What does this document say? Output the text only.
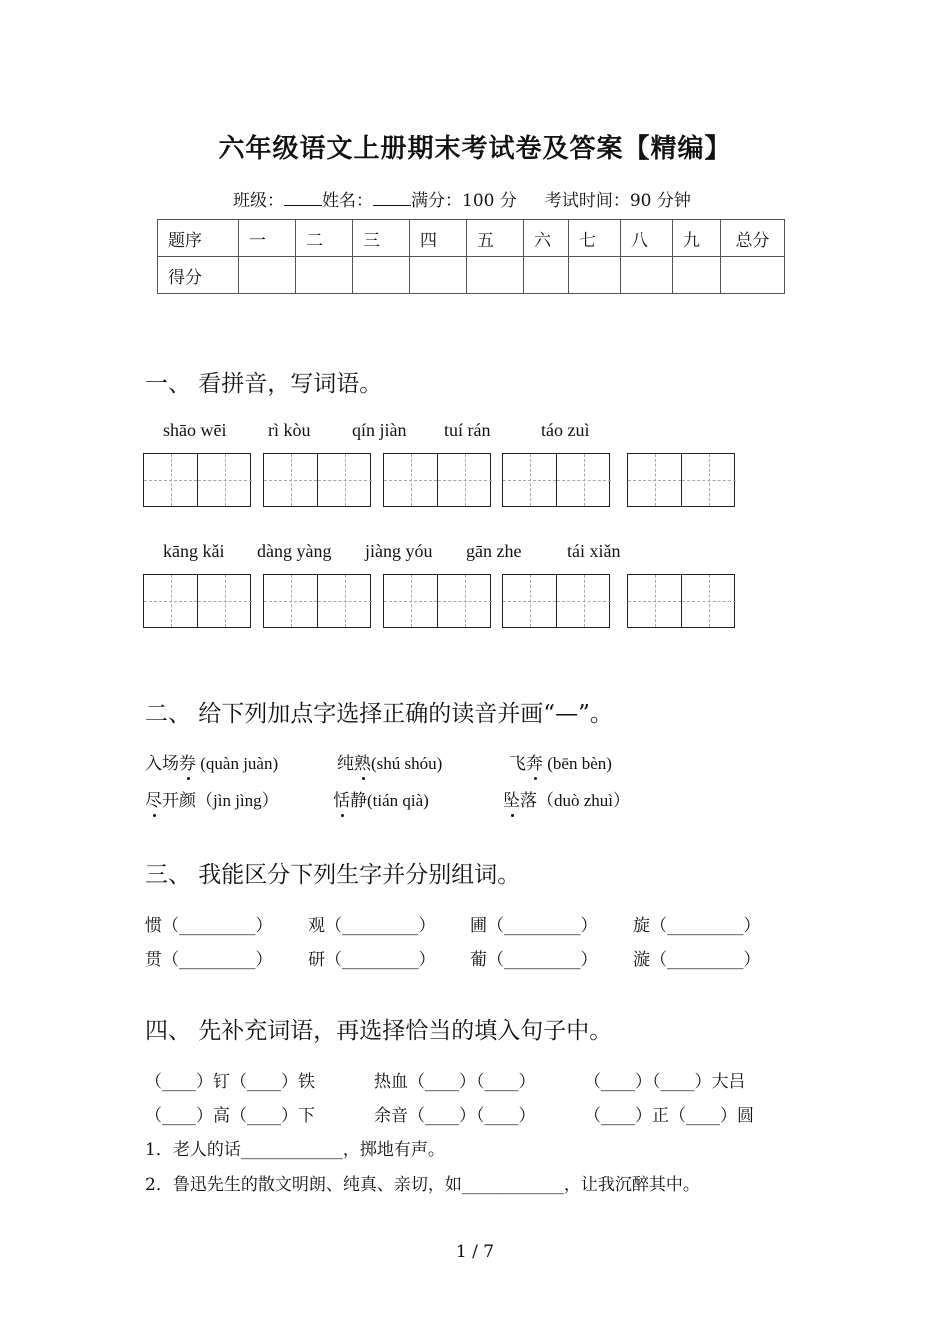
六年级语文上册期末考试卷及答案【精编】
班级： 姓名： 满分：100 分 考试时间：90 分钟
题序	一	二	三	四	五	六	七	八	九	总分
得分										
一、 看拼音，写词语。
shāo wēi rì kòu qín jiàn tuí rán	táo zuì
kāng kǎi dàng yàng jiàng yóu gān zhe	tái xiǎn
二、 给下列加点字选择正确的读音并画“—”。
入场券 (quàn juàn)	纯熟(shú shóu)	飞奔 (bēn bèn)
尽开颜（jìn jìng）	恬静(tián qià)	坠落（duò zhuì）
三、 我能区分下列生字并分别组词。
惯（_________） 观（_________） 圃（_________） 旋（_________）
贯（_________） 研（_________） 葡（_________） 漩（_________）
四、 先补充词语，再选择恰当的填入句子中。
（____）钉（____）铁	热血（____）（____）	（____）（____）大吕
（____）高（____）下	余音（____）（____）	（____）正（____）圆
1．老人的话____________，掷地有声。
2．鲁迅先生的散文明朗、纯真、亲切，如____________，让我沉醉其中。
1 / 7
